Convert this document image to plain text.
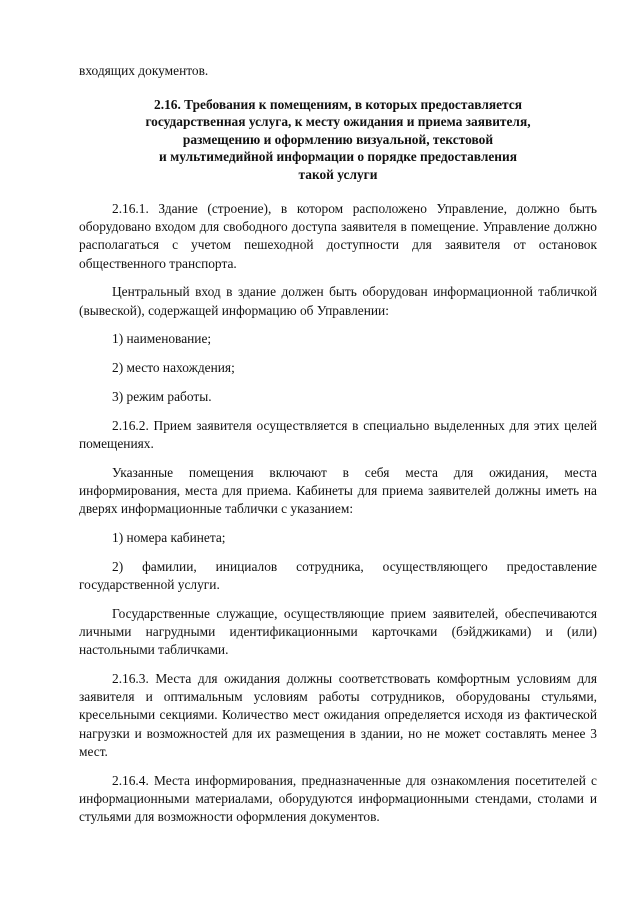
входящих документов.

2.16. Требования к помещениям, в которых предоставляется
государственная услуга, к месту ожидания и приема заявителя,
размещению и оформлению визуальной, текстовой
и мультимедийной информации о порядке предоставления
такой услуги

2.16.1. Здание (строение), в котором расположено Управление, должно быть оборудовано входом для свободного доступа заявителя в помещение. Управление должно располагаться с учетом пешеходной доступности для заявителя от остановок общественного транспорта.

Центральный вход в здание должен быть оборудован информационной табличкой (вывеской), содержащей информацию об Управлении:

1) наименование;

2) место нахождения;

3) режим работы.

2.16.2. Прием заявителя осуществляется в специально выделенных для этих целей помещениях.

Указанные помещения включают в себя места для ожидания, места информирования, места для приема. Кабинеты для приема заявителей должны иметь на дверях информационные таблички с указанием:

1) номера кабинета;

2) фамилии, инициалов сотрудника, осуществляющего предоставление государственной услуги.

Государственные служащие, осуществляющие прием заявителей, обеспечиваются личными нагрудными идентификационными карточками (бэйджиками) и (или) настольными табличками.

2.16.3. Места для ожидания должны соответствовать комфортным условиям для заявителя и оптимальным условиям работы сотрудников, оборудованы стульями, кресельными секциями. Количество мест ожидания определяется исходя из фактической нагрузки и возможностей для их размещения в здании, но не может составлять менее 3 мест.

2.16.4. Места информирования, предназначенные для ознакомления посетителей с информационными материалами, оборудуются информационными стендами, столами и стульями для возможности оформления документов.
